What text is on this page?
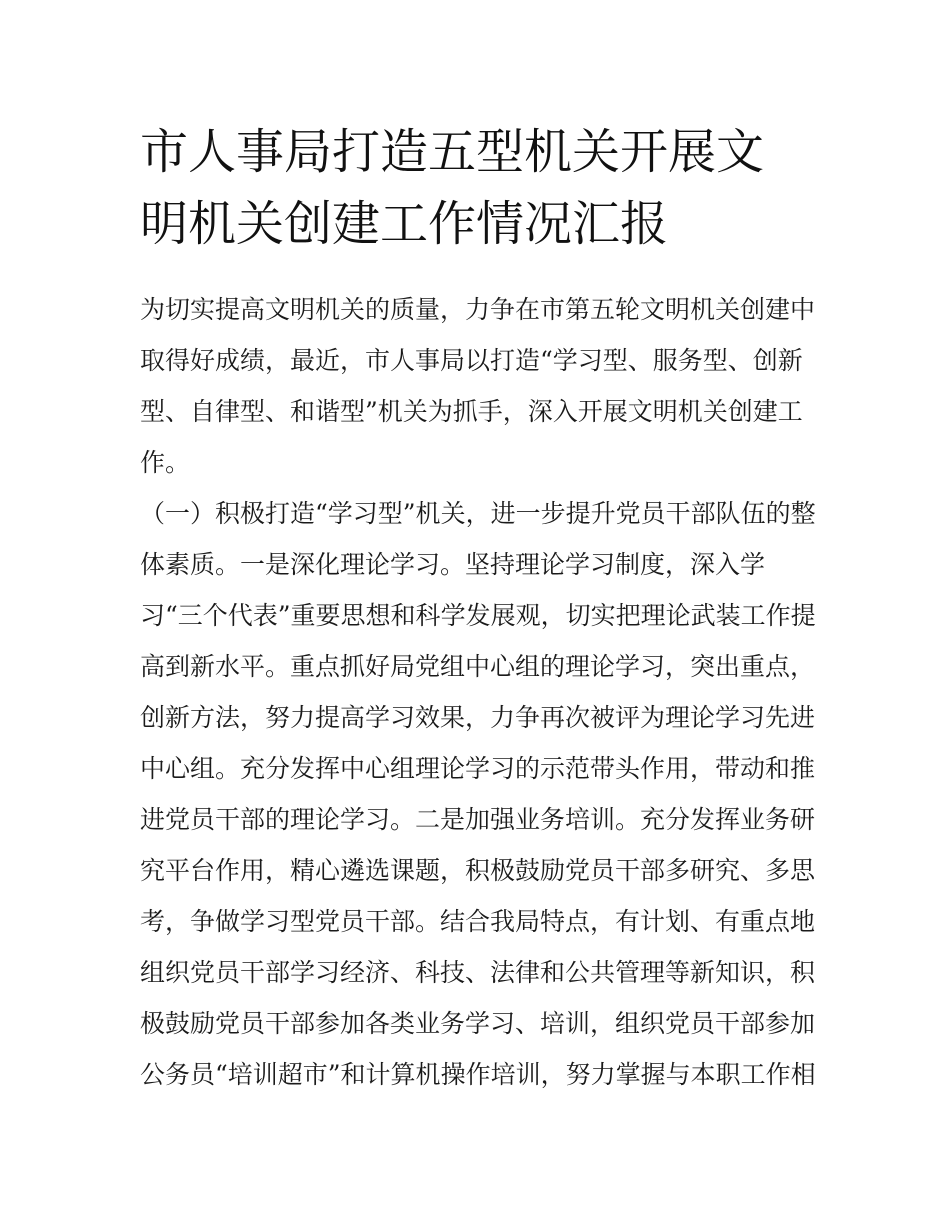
市人事局打造五型机关开展文
明机关创建工作情况汇报
为切实提高文明机关的质量，力争在市第五轮文明机关创建中
取得好成绩，最近，市人事局以打造“学习型、服务型、创新
型、自律型、和谐型”机关为抓手，深入开展文明机关创建工
作。
（一）积极打造“学习型”机关，进一步提升党员干部队伍的整
体素质。一是深化理论学习。坚持理论学习制度，深入学
习“三个代表”重要思想和科学发展观，切实把理论武装工作提
高到新水平。重点抓好局党组中心组的理论学习，突出重点，
创新方法，努力提高学习效果，力争再次被评为理论学习先进
中心组。充分发挥中心组理论学习的示范带头作用，带动和推
进党员干部的理论学习。二是加强业务培训。充分发挥业务研
究平台作用，精心遴选课题，积极鼓励党员干部多研究、多思
考，争做学习型党员干部。结合我局特点，有计划、有重点地
组织党员干部学习经济、科技、法律和公共管理等新知识，积
极鼓励党员干部参加各类业务学习、培训，组织党员干部参加
公务员“培训超市”和计算机操作培训，努力掌握与本职工作相
